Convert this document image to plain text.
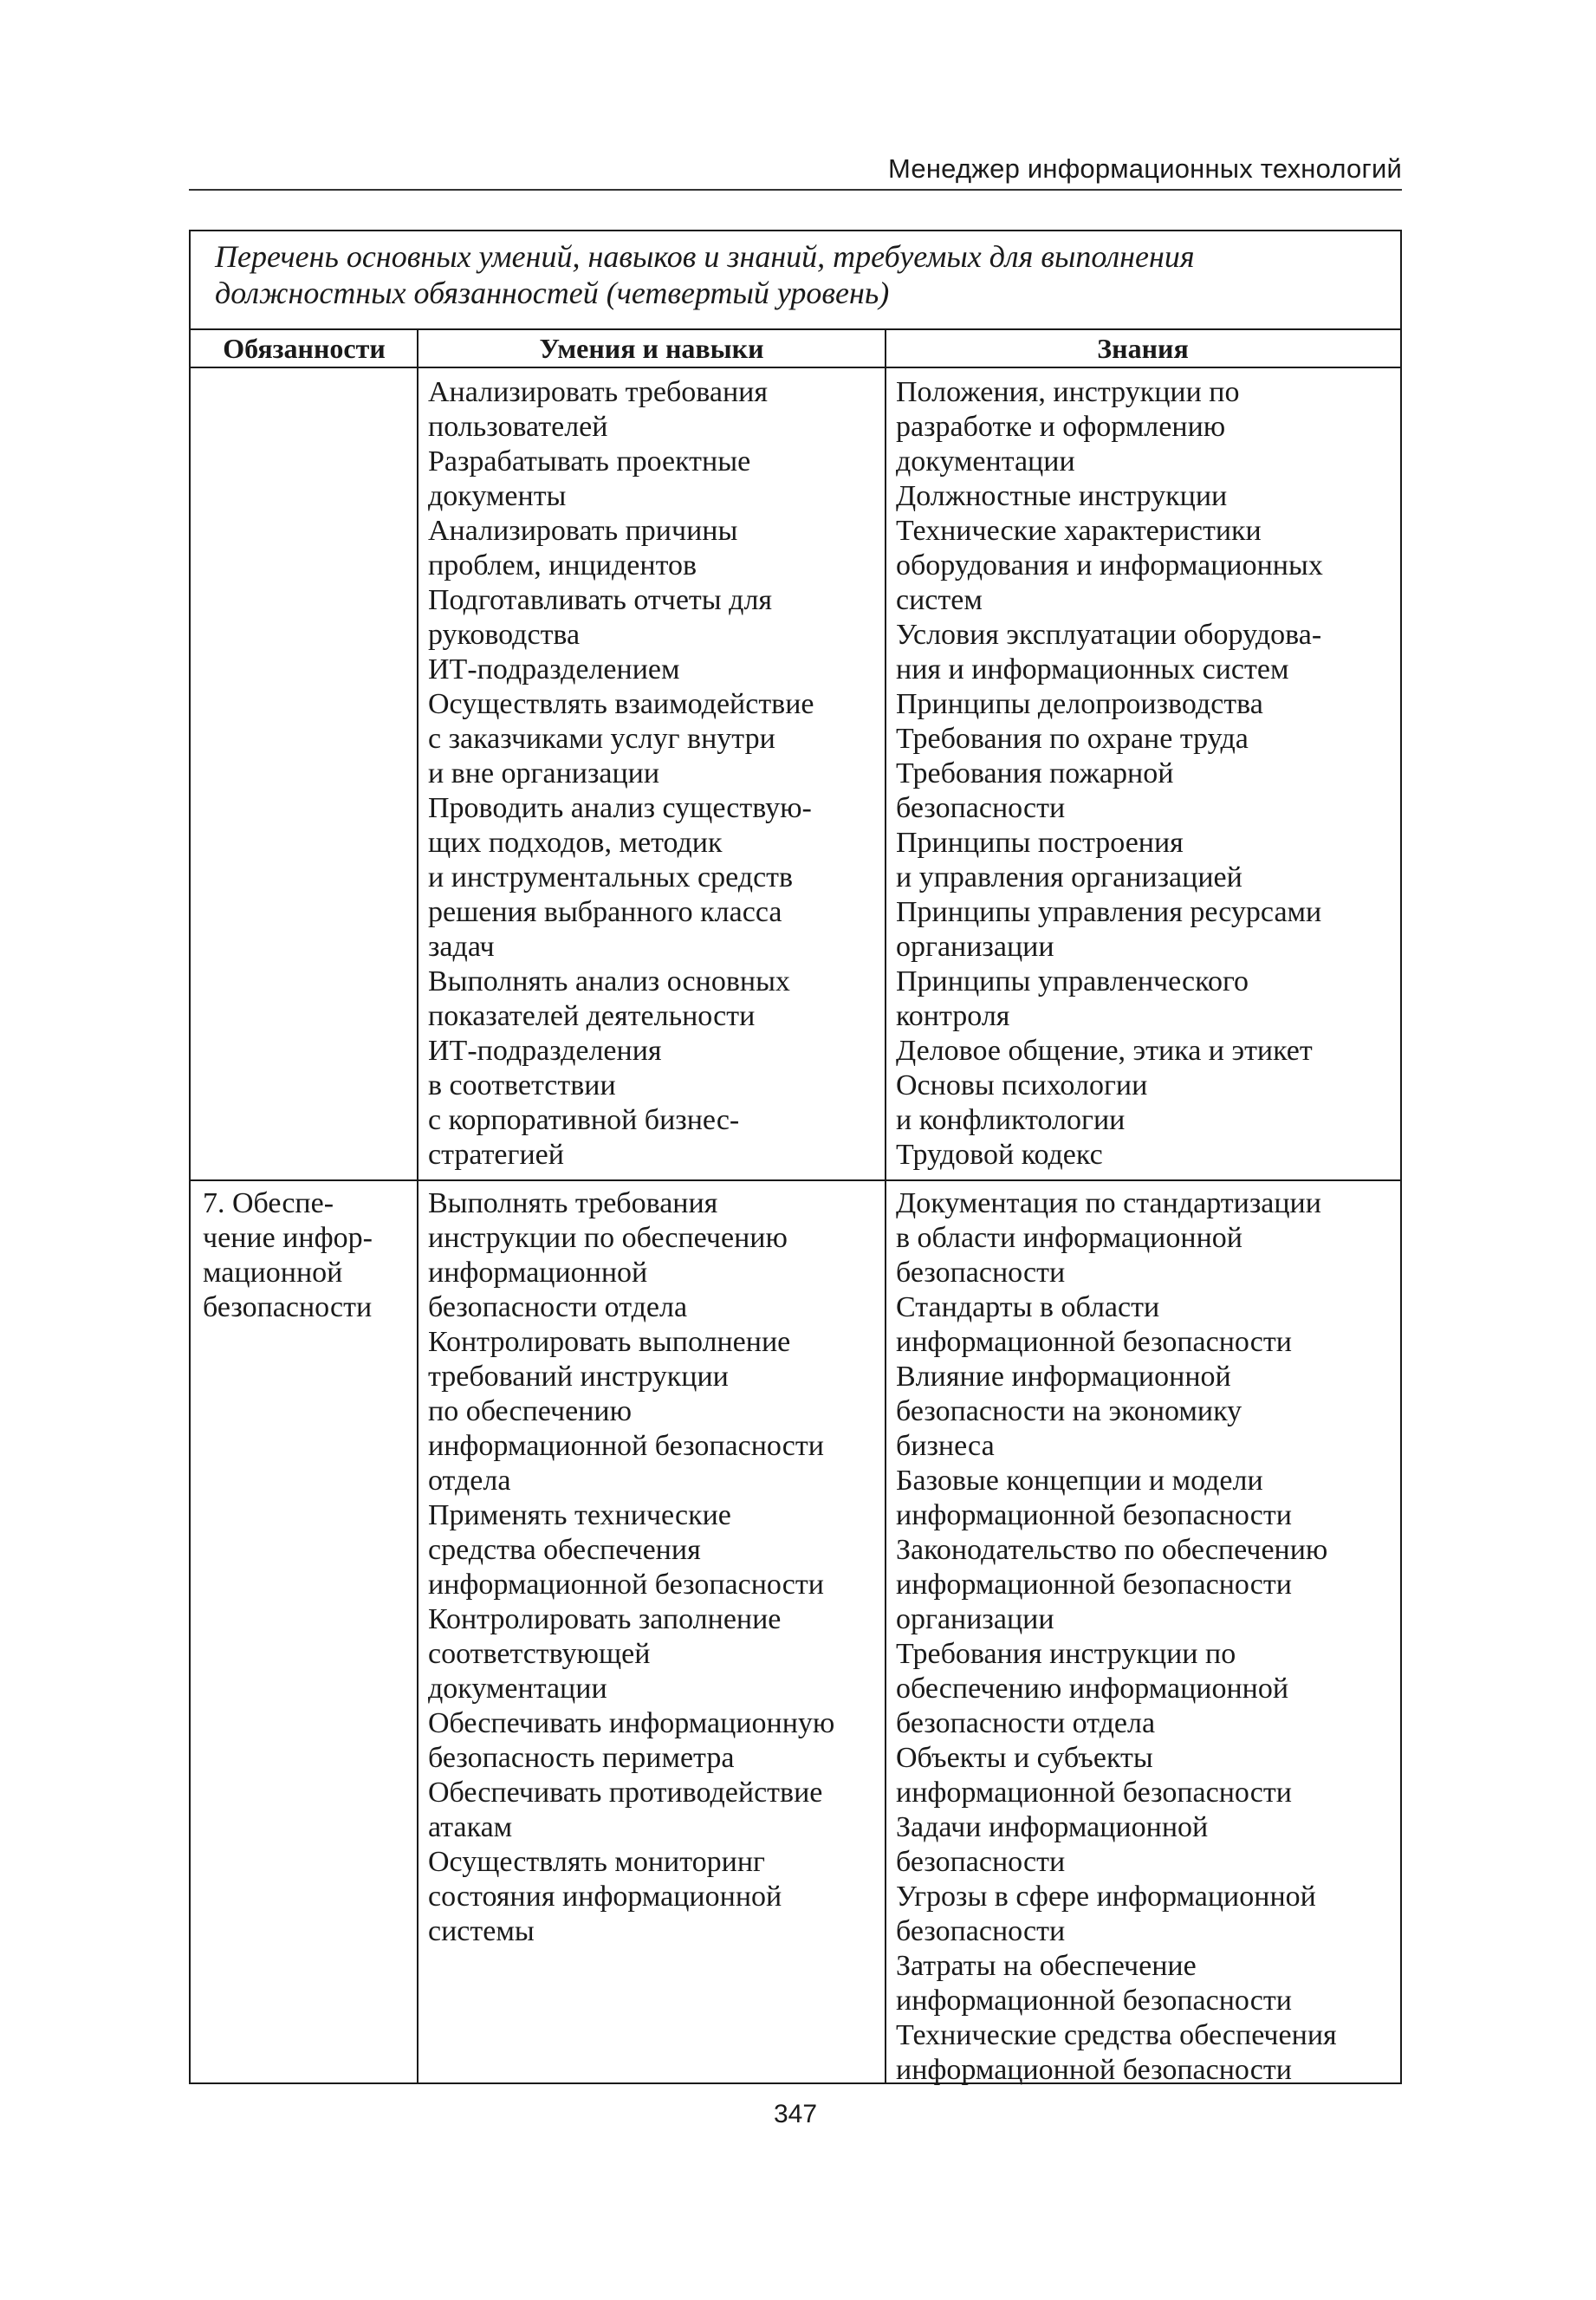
Менеджер информационных технологий
Перечень основных умений, навыков и знаний, требуемых для выполнения должностных обязанностей (четвертый уровень)
Обязанности	Умения и навыки	Знания
Анализировать требования
пользователей
Разрабатывать проектные
документы
Анализировать причины
проблем, инцидентов
Подготавливать отчеты для
руководства
ИТ-подразделением
Осуществлять взаимодействие
с заказчиками услуг внутри
и вне организации
Проводить анализ существую-
щих подходов, методик
и инструментальных средств
решения выбранного класса
задач
Выполнять анализ основных
показателей деятельности
ИТ-подразделения
в соответствии
с корпоративной бизнес-
стратегией
Положения, инструкции по
разработке и оформлению
документации
Должностные инструкции
Технические характеристики
оборудования и информационных
систем
Условия эксплуатации оборудова-
ния и информационных систем
Принципы делопроизводства
Требования по охране труда
Требования пожарной
безопасности
Принципы построения
и управления организацией
Принципы управления ресурсами
организации
Принципы управленческого
контроля
Деловое общение, этика и этикет
Основы психологии
и конфликтологии
Трудовой кодекс
7. Обеспе-
чение инфор-
мационной
безопасности
Выполнять требования
инструкции по обеспечению
информационной
безопасности отдела
Контролировать выполнение
требований инструкции
по обеспечению
информационной безопасности
отдела
Применять технические
средства обеспечения
информационной безопасности
Контролировать заполнение
соответствующей
документации
Обеспечивать информационную
безопасность периметра
Обеспечивать противодействие
атакам
Осуществлять мониторинг
состояния информационной
системы
Документация по стандартизации
в области информационной
безопасности
Стандарты в области
информационной безопасности
Влияние информационной
безопасности на экономику
бизнеса
Базовые концепции и модели
информационной безопасности
Законодательство по обеспечению
информационной безопасности
организации
Требования инструкции по
обеспечению информационной
безопасности отдела
Объекты и субъекты
информационной безопасности
Задачи информационной
безопасности
Угрозы в сфере информационной
безопасности
Затраты на обеспечение
информационной безопасности
Технические средства обеспечения
информационной безопасности
347
